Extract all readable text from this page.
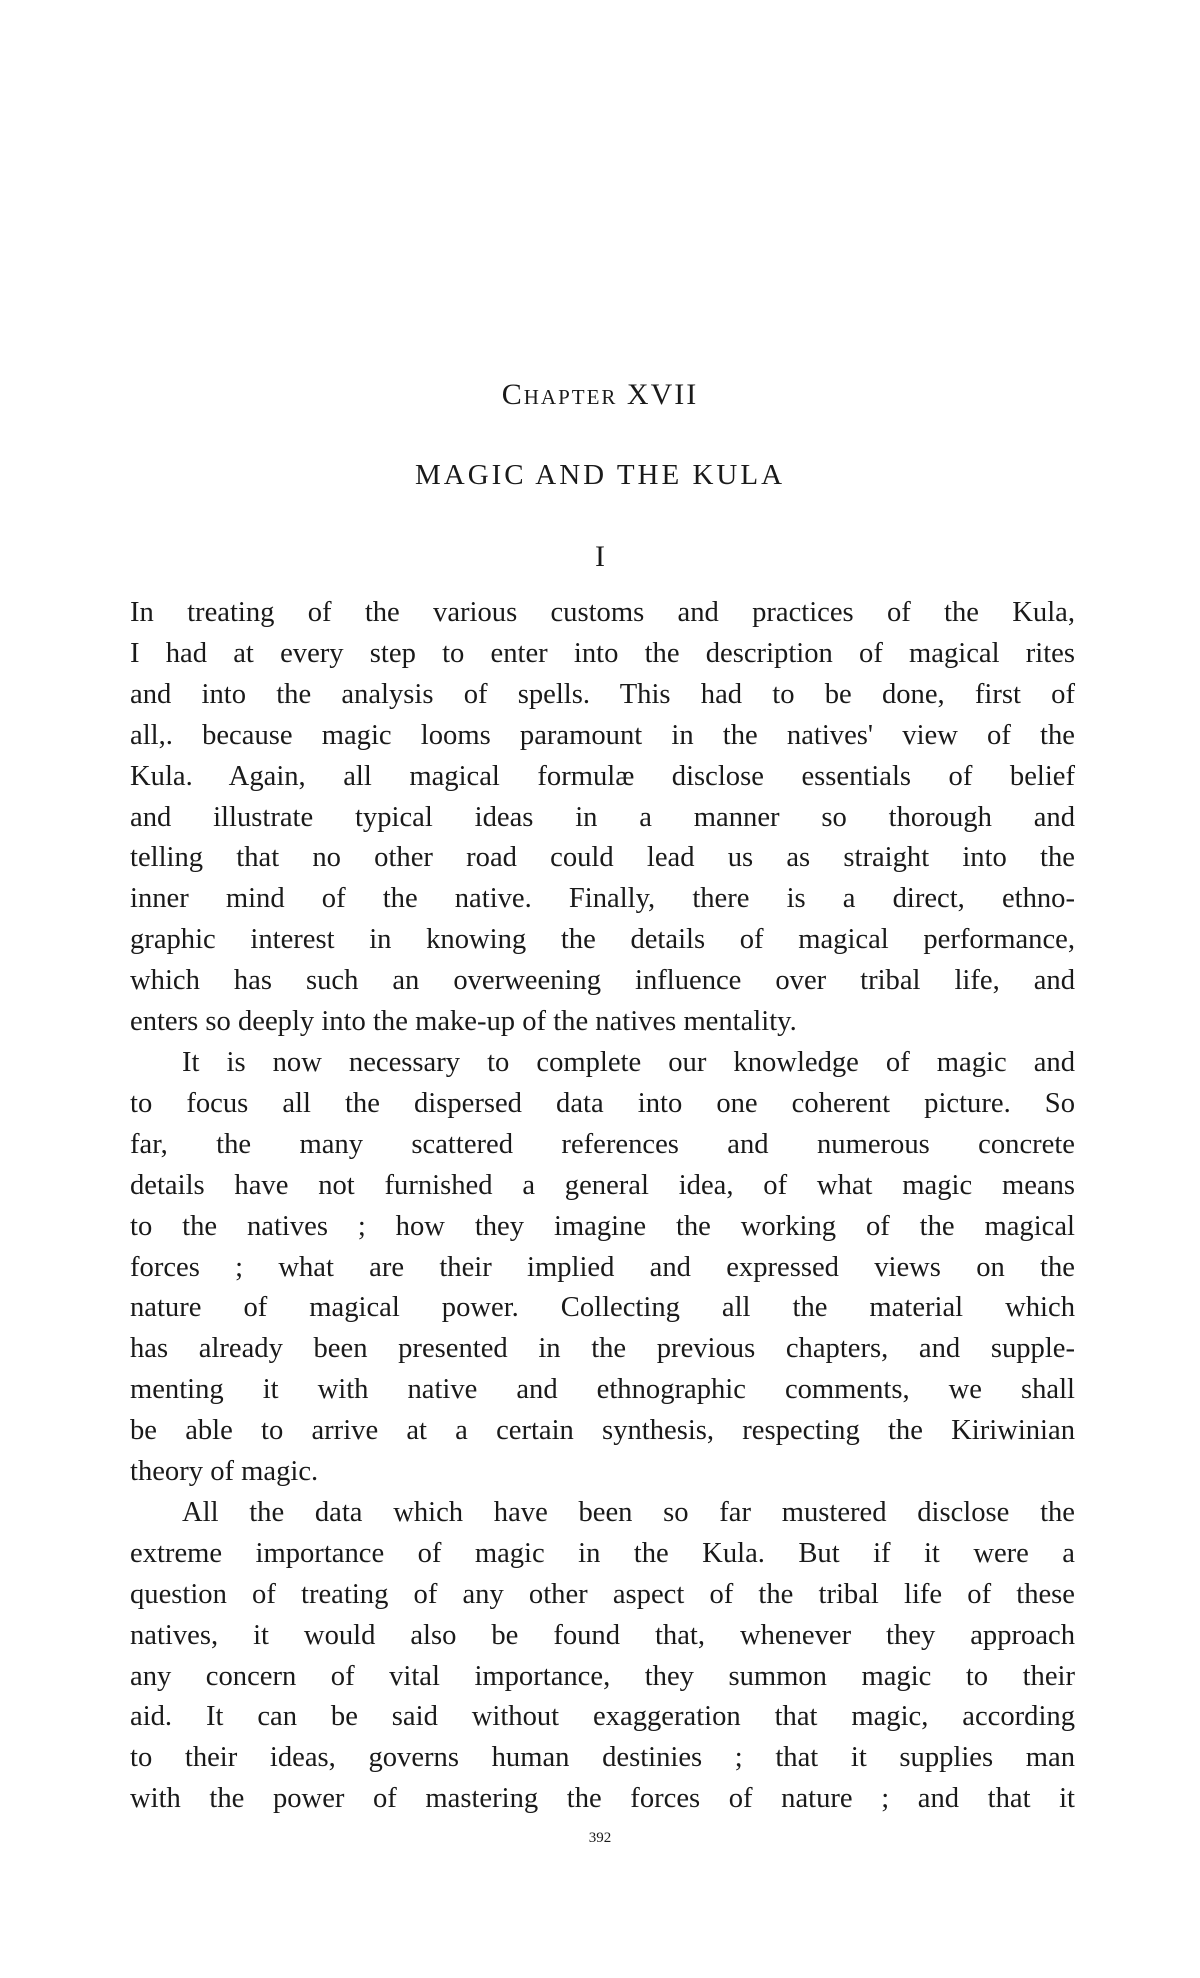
Chapter XVII
MAGIC AND THE KULA
I
In treating of the various customs and practices of the Kula,
I had at every step to enter into the description of magical rites
and into the analysis of spells. This had to be done, first of
all,. because magic looms paramount in the natives' view of the
Kula. Again, all magical formulæ disclose essentials of belief
and illustrate typical ideas in a manner so thorough and
telling that no other road could lead us as straight into the
inner mind of the native. Finally, there is a direct, ethno-
graphic interest in knowing the details of magical performance,
which has such an overweening influence over tribal life, and
enters so deeply into the make-up of the natives mentality.
It is now necessary to complete our knowledge of magic and
to focus all the dispersed data into one coherent picture. So
far, the many scattered references and numerous concrete
details have not furnished a general idea, of what magic means
to the natives ; how they imagine the working of the magical
forces ; what are their implied and expressed views on the
nature of magical power. Collecting all the material which
has already been presented in the previous chapters, and supple-
menting it with native and ethnographic comments, we shall
be able to arrive at a certain synthesis, respecting the Kiriwinian
theory of magic.
All the data which have been so far mustered disclose the
extreme importance of magic in the Kula. But if it were a
question of treating of any other aspect of the tribal life of these
natives, it would also be found that, whenever they approach
any concern of vital importance, they summon magic to their
aid. It can be said without exaggeration that magic, according
to their ideas, governs human destinies ; that it supplies man
with the power of mastering the forces of nature ; and that it
392
